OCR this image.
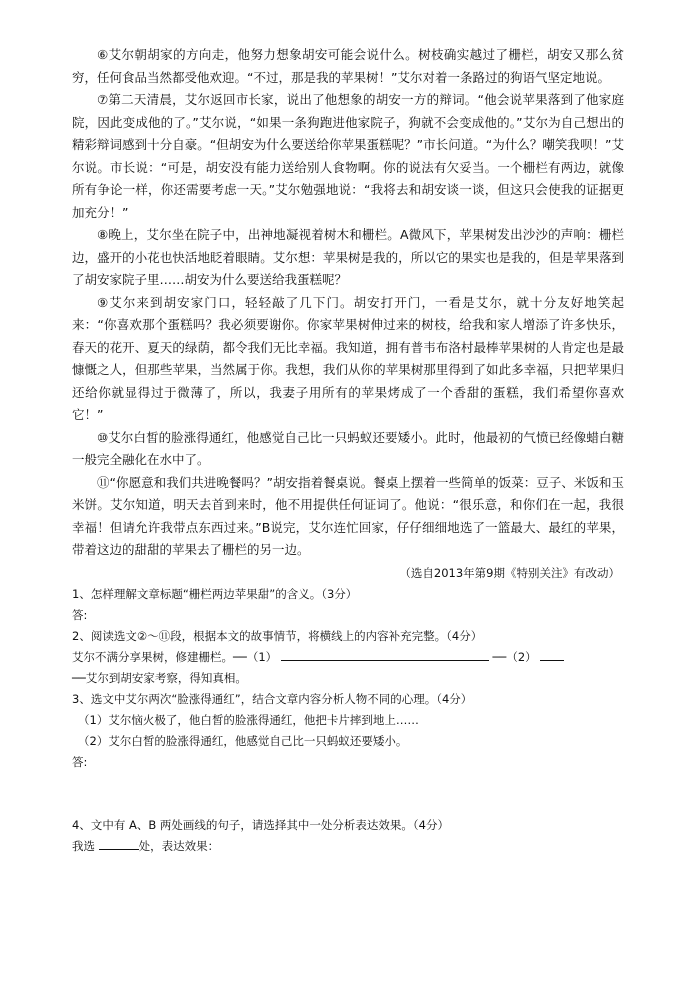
⑥艾尔朝胡家的方向走，他努力想象胡安可能会说什么。树枝确实越过了栅栏，胡安又那么贫穷，任何食品当然都受他欢迎。“不过，那是我的苹果树！”艾尔对着一条路过的狗语气坚定地说。

⑦第二天清晨，艾尔返回市长家，说出了他想象的胡安一方的辩词。“他会说苹果落到了他家庭院，因此变成他的了。”艾尔说，“如果一条狗跑进他家院子，狗就不会变成他的。”艾尔为自己想出的精彩辩词感到十分自豪。“但胡安为什么要送给你苹果蛋糕呢？”市长问道。“为什么？嘲笑我呗！”艾尔说。市长说：“可是，胡安没有能力送给别人食物啊。你的说法有欠妥当。一个栅栏有两边，就像所有争论一样，你还需要考虑一天。”艾尔勉强地说：“我将去和胡安谈一谈，但这只会使我的证据更加充分！”

⑧晚上，艾尔坐在院子中，出神地凝视着树木和栅栏。A微风下，苹果树发出沙沙的声响：栅栏边，盛开的小花也快活地眨着眼睛。艾尔想：苹果树是我的，所以它的果实也是我的，但是苹果落到了胡安家院子里……胡安为什么要送给我蛋糕呢？

⑨艾尔来到胡安家门口，轻轻敲了几下门。胡安打开门，一看是艾尔，就十分友好地笑起来：“你喜欢那个蛋糕吗？我必须要谢你。你家苹果树伸过来的树枝，给我和家人增添了许多快乐，春天的花开、夏天的绿荫，都令我们无比幸福。我知道，拥有普韦布洛村最棒苹果树的人肯定也是最慷慨之人，但那些苹果，当然属于你。我想，我们从你的苹果树那里得到了如此多幸福，只把苹果归还给你就显得过于微薄了，所以，我妻子用所有的苹果烤成了一个香甜的蛋糕，我们希望你喜欢它！”

⑩艾尔白皙的脸涨得通红，他感觉自己比一只蚂蚁还要矮小。此时，他最初的气愤已经像蜡白糖一般完全融化在水中了。

⑪“你愿意和我们共进晚餐吗？”胡安指着餐桌说。餐桌上摆着一些简单的饭菜：豆子、米饭和玉米饼。艾尔知道，明天去首到来时，他不用提供任何证词了。他说：“很乐意，和你们在一起，我很幸福！但请允许我带点东西过来。”B说完，艾尔连忙回家，仔仔细细地选了一篮最大、最红的苹果，带着这边的甜甜的苹果去了栅栏的另一边。

（选自2013年第9期《特别关注》有改动）

1、怎样理解文章标题“栅栏两边苹果甜”的含义。（3分）

答:

2、阅读选文②～⑪段，根据本文的故事情节，将横线上的内容补充完整。（4分）

艾尔不满分享果树，修建栅栏。──（1）	──（2）

──艾尔到胡安家考察，得知真相。

3、选文中艾尔两次“脸涨得通红”，结合文章内容分析人物不同的心理。（4分）

（1）艾尔恼火极了，他白皙的脸涨得通红，他把卡片摔到地上……

（2）艾尔白皙的脸涨得通红，他感觉自己比一只蚂蚁还要矮小。

答:

4、文中有 A、B 两处画线的句子，请选择其中一处分析表达效果。（4分）

我选	处，表达效果：
